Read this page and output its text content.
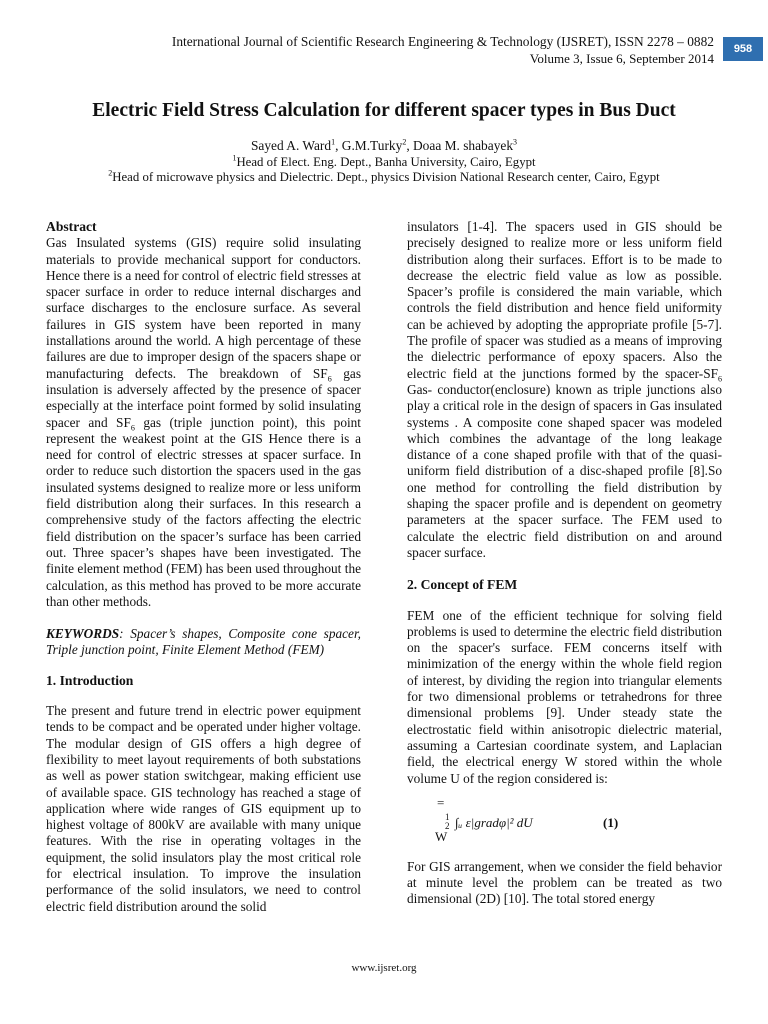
International Journal of Scientific Research Engineering & Technology (IJSRET), ISSN 2278 – 0882
Volume 3, Issue 6, September 2014
958
Electric Field Stress Calculation for different spacer types in Bus Duct
Sayed A. Ward$^1$, G.M.Turky$^2$, Doaa M. shabayek$^3$
$^1$Head of Elect. Eng. Dept., Banha University, Cairo, Egypt
$^2$Head of microwave physics and Dielectric. Dept., physics Division National Research center, Cairo, Egypt
Abstract

Gas Insulated systems (GIS) require solid insulating materials to provide mechanical support for conductors. Hence there is a need for control of electric field stresses at spacer surface in order to reduce internal discharges and surface discharges to the enclosure surface. As several failures in GIS system have been reported in many installations around the world. A high percentage of these failures are due to improper design of the spacers shape or manufacturing defects. The breakdown of $SF_6$ gas insulation is adversely affected by the presence of spacer especially at the interface point formed by solid insulating spacer and $SF_6$ gas (triple junction point), this point represent the weakest point at the GIS Hence there is a need for control of electric stresses at spacer surface. In order to reduce such distortion the spacers used in the gas insulated systems designed to realize more or less uniform field distribution along their surfaces. In this research a comprehensive study of the factors affecting the electric field distribution on the spacer’s surface has been carried out. Three spacer’s shapes have been investigated. The finite element method (FEM) has been used throughout the calculation, as this method has proved to be more accurate than other methods.

KEYWORDS: Spacer’s shapes, Composite cone spacer, Triple junction point, Finite Element Method (FEM)

1. Introduction

The present and future trend in electric power equipment tends to be compact and be operated under higher voltage. The modular design of GIS offers a high degree of flexibility to meet layout requirements of both substations as well as power station switchgear, making efficient use of available space. GIS technology has reached a stage of application where wide ranges of GIS equipment up to highest voltage of 800kV are available with many unique features. With the rise in operating voltages in the equipment, the solid insulators play the most critical role for electrical insulation. To improve the insulation performance of the solid insulators, we need to control electric field distribution around the solid

insulators [1-4]. The spacers used in GIS should be precisely designed to realize more or less uniform field distribution along their surfaces. Effort is to be made to decrease the electric field value as low as possible. Spacer’s profile is considered the main variable, which controls the field distribution and hence field uniformity can be achieved by adopting the appropriate profile [5-7]. The profile of spacer was studied as a means of improving the dielectric performance of epoxy spacers. Also the electric field at the junctions formed by the spacer-$SF_6$ Gas- conductor(enclosure) known as triple junctions also play a critical role in the design of spacers in Gas insulated systems . A composite cone shaped spacer was modeled which combines the advantage of the long leakage distance of a cone shaped profile with that of the quasi-uniform field distribution of a disc-shaped profile [8].So one method for controlling the field distribution by shaping the spacer profile and is dependent on geometry parameters at the spacer surface. The FEM used to calculate the electric field distribution on and around spacer surface.

2. Concept of FEM

FEM one of the efficient technique for solving field problems is used to determine the electric field distribution on the spacer's surface. FEM concerns itself with minimization of the energy within the whole field region of interest, by dividing the region into triangular elements for two dimensional problems or tetrahedrons for three dimensional problems [9]. Under steady state the electrostatic field within anisotropic dielectric material, assuming a Cartesian coordinate system, and Laplacian field, the electrical energy W stored within the whole volume U of the region considered is:

=
W
1
2 ∫ᵤ ε|gradφ|² dU	(1)

For GIS arrangement, when we consider the field behavior at minute level the problem can be treated as two dimensional (2D) [10]. The total stored energy

www.ijsret.org
